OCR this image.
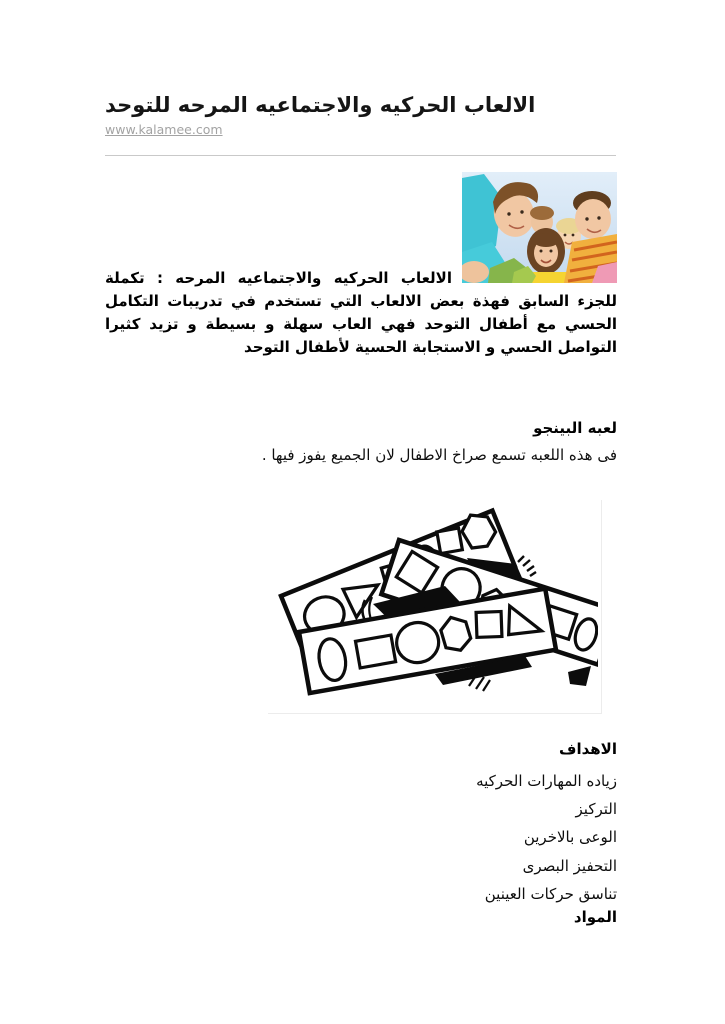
الالعاب الحركيه والاجتماعيه المرحه للتوحد
www.kalamee.com

الالعاب الحركيه والاجتماعيه المرحه : تكملة للجزء السابق فهذة بعض الالعاب التي تستخدم في تدريبات التكامل الحسي مع أطفال التوحد فهي العاب سهلة و بسيطة و تزيد كثيرا التواصل الحسي و الاستجابة الحسية لأطفال التوحد

لعبه البينجو

فى هذه اللعبه تسمع صراخ الاطفال لان الجميع يفوز فيها .

الاهداف

زياده المهارات الحركيه
التركيز
الوعى بالاخرين
التحفيز البصرى
تناسق حركات العينين

المواد
